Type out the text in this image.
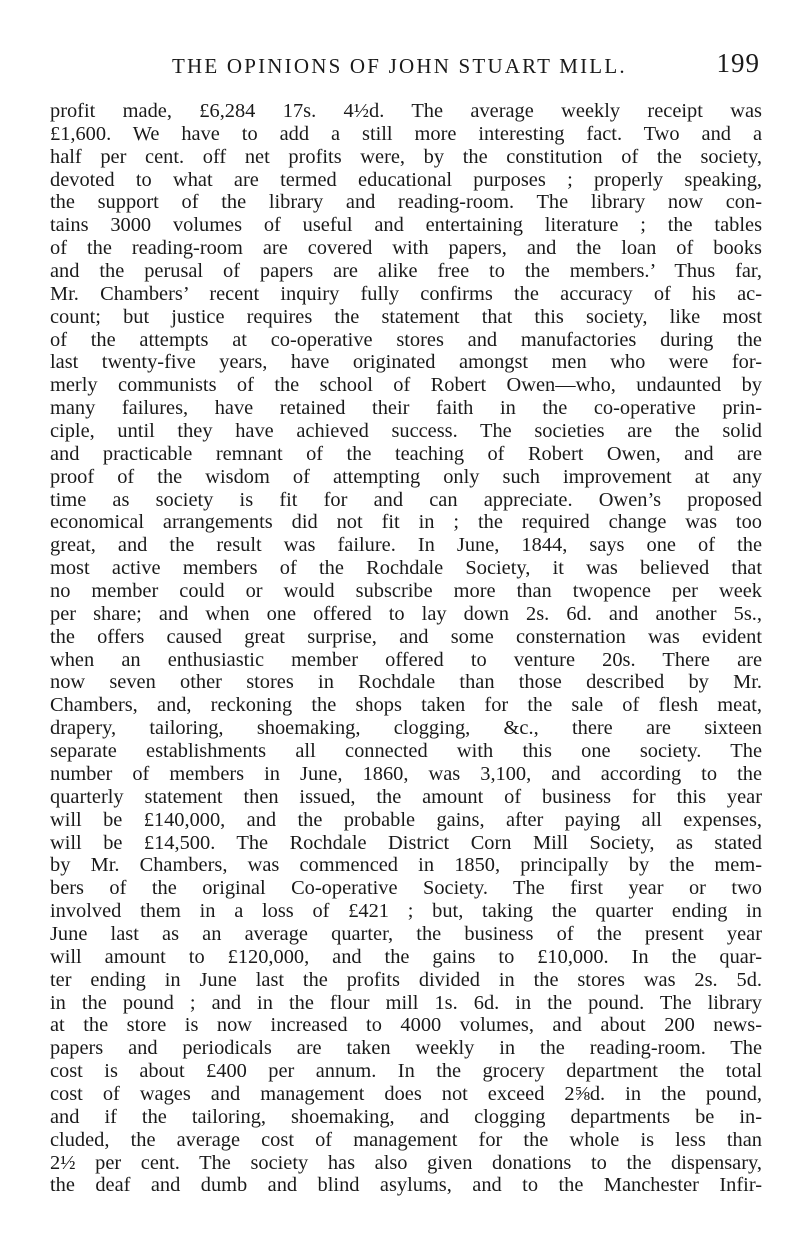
THE OPINIONS OF JOHN STUART MILL.	199
profit made, £6,284 17s. 4½d. The average weekly receipt was
£1,600. We have to add a still more interesting fact. Two and a
half per cent. off net profits were, by the constitution of the society,
devoted to what are termed educational purposes ; properly speaking,
the support of the library and reading-room. The library now con-
tains 3000 volumes of useful and entertaining literature ; the tables
of the reading-room are covered with papers, and the loan of books
and the perusal of papers are alike free to the members.’ Thus far,
Mr. Chambers’ recent inquiry fully confirms the accuracy of his ac-
count; but justice requires the statement that this society, like most
of the attempts at co-operative stores and manufactories during the
last twenty-five years, have originated amongst men who were for-
merly communists of the school of Robert Owen—who, undaunted by
many failures, have retained their faith in the co-operative prin-
ciple, until they have achieved success. The societies are the solid
and practicable remnant of the teaching of Robert Owen, and are
proof of the wisdom of attempting only such improvement at any
time as society is fit for and can appreciate. Owen’s proposed
economical arrangements did not fit in ; the required change was too
great, and the result was failure. In June, 1844, says one of the
most active members of the Rochdale Society, it was believed that
no member could or would subscribe more than twopence per week
per share; and when one offered to lay down 2s. 6d. and another 5s.,
the offers caused great surprise, and some consternation was evident
when an enthusiastic member offered to venture 20s. There are
now seven other stores in Rochdale than those described by Mr.
Chambers, and, reckoning the shops taken for the sale of flesh meat,
drapery, tailoring, shoemaking, clogging, &c., there are sixteen
separate establishments all connected with this one society. The
number of members in June, 1860, was 3,100, and according to the
quarterly statement then issued, the amount of business for this year
will be £140,000, and the probable gains, after paying all expenses,
will be £14,500. The Rochdale District Corn Mill Society, as stated
by Mr. Chambers, was commenced in 1850, principally by the mem-
bers of the original Co-operative Society. The first year or two
involved them in a loss of £421 ; but, taking the quarter ending in
June last as an average quarter, the business of the present year
will amount to £120,000, and the gains to £10,000. In the quar-
ter ending in June last the profits divided in the stores was 2s. 5d.
in the pound ; and in the flour mill 1s. 6d. in the pound. The library
at the store is now increased to 4000 volumes, and about 200 news-
papers and periodicals are taken weekly in the reading-room. The
cost is about £400 per annum. In the grocery department the total
cost of wages and management does not exceed 2⅝d. in the pound,
and if the tailoring, shoemaking, and clogging departments be in-
cluded, the average cost of management for the whole is less than
2½ per cent. The society has also given donations to the dispensary,
the deaf and dumb and blind asylums, and to the Manchester Infir-
